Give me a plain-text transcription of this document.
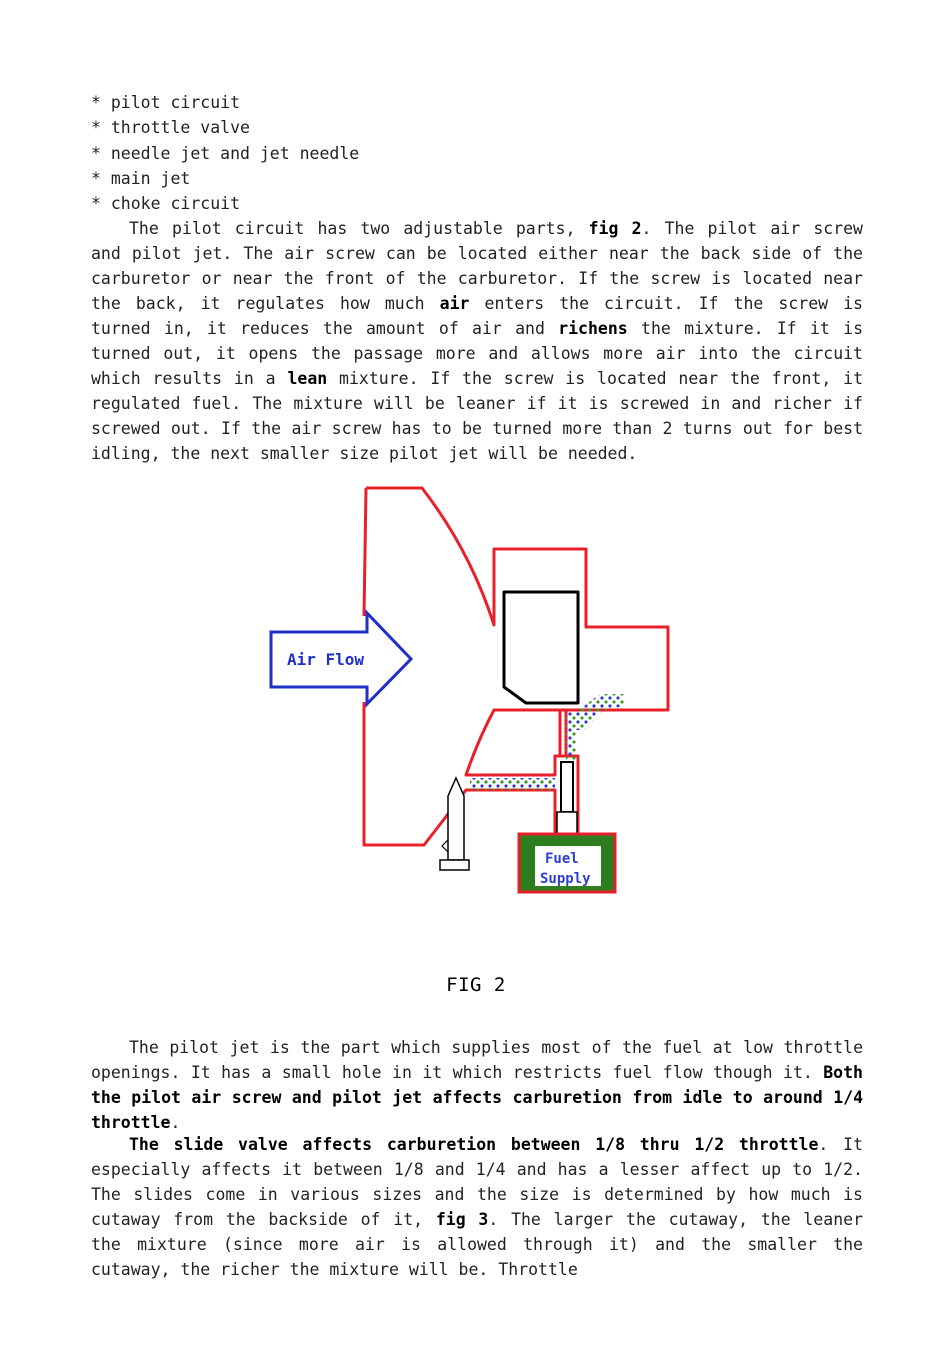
* pilot circuit
* throttle valve
* needle jet and jet needle
* main jet
* choke circuit

The pilot circuit has two adjustable parts, fig 2. The pilot air screw and pilot jet. The air screw can be located either near the back side of the carburetor or near the front of the carburetor. If the screw is located near the back, it regulates how much air enters the circuit. If the screw is turned in, it reduces the amount of air and richens the mixture. If it is turned out, it opens the passage more and allows more air into the circuit which results in a lean mixture. If the screw is located near the front, it regulated fuel. The mixture will be leaner if it is screwed in and richer if screwed out. If the air screw has to be turned more than 2 turns out for best idling, the next smaller size pilot jet will be needed.

Fuel
Supply
Air Flow
FIG 2

The pilot jet is the part which supplies most of the fuel at low throttle openings. It has a small hole in it which restricts fuel flow though it. Both the pilot air screw and pilot jet affects carburetion from idle to around 1/4 throttle.

The slide valve affects carburetion between 1/8 thru 1/2 throttle. It especially affects it between 1/8 and 1/4 and has a lesser affect up to 1/2. The slides come in various sizes and the size is determined by how much is cutaway from the backside of it, fig 3. The larger the cutaway, the leaner the mixture (since more air is allowed through it) and the smaller the cutaway, the richer the mixture will be. Throttle
